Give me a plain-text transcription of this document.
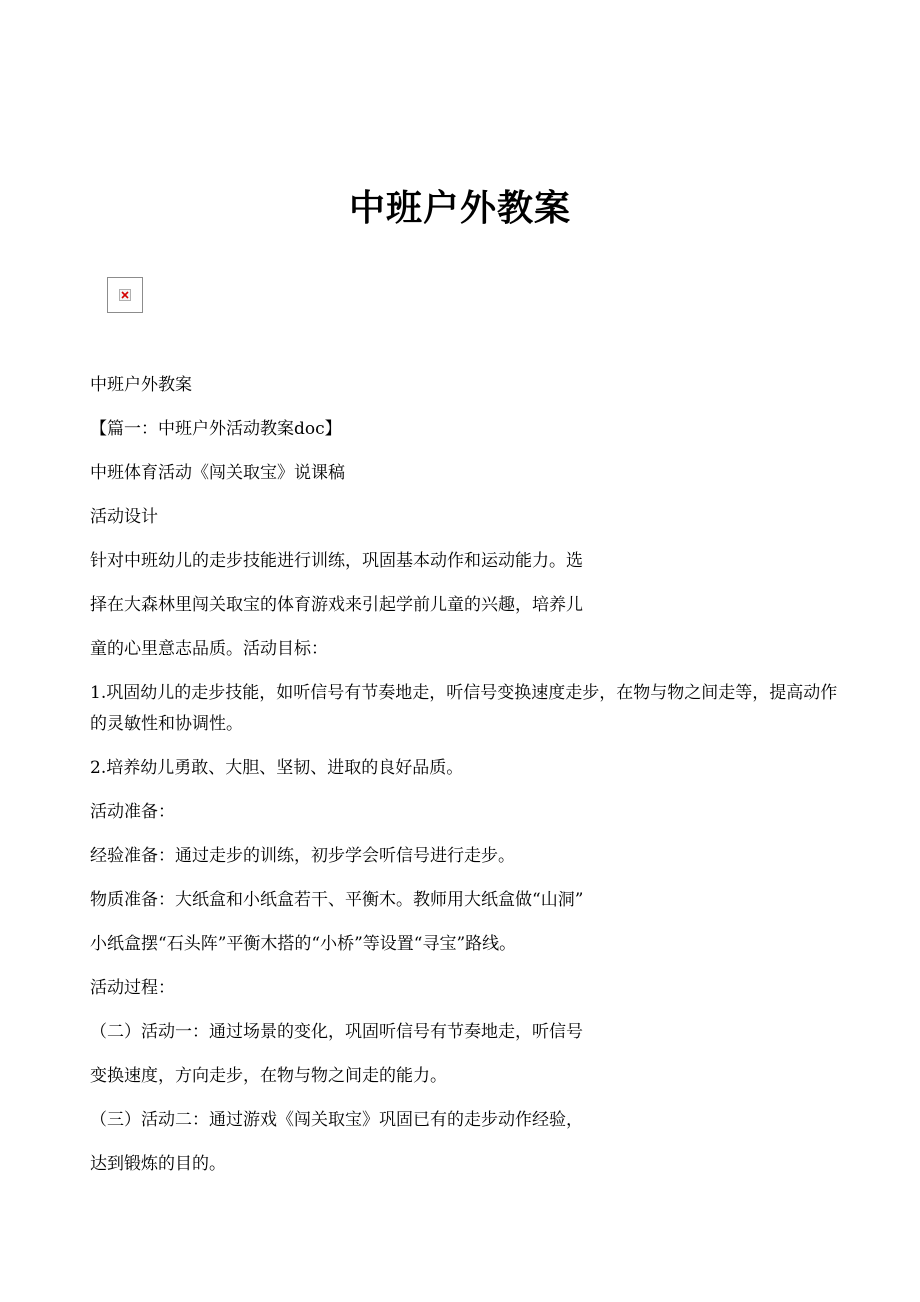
中班户外教案

中班户外教案

【篇一：中班户外活动教案doc】

中班体育活动《闯关取宝》说课稿

活动设计

针对中班幼儿的走步技能进行训练，巩固基本动作和运动能力。选

择在大森林里闯关取宝的体育游戏来引起学前儿童的兴趣，培养儿

童的心里意志品质。活动目标：

1.巩固幼儿的走步技能，如听信号有节奏地走，听信号变换速度走步，在物与物之间走等，提高动作的灵敏性和协调性。

2.培养幼儿勇敢、大胆、坚韧、进取的良好品质。

活动准备：

经验准备：通过走步的训练，初步学会听信号进行走步。

物质准备：大纸盒和小纸盒若干、平衡木。教师用大纸盒做“山洞”

小纸盒摆“石头阵”平衡木搭的“小桥”等设置“寻宝”路线。

活动过程：

（二）活动一：通过场景的变化，巩固听信号有节奏地走，听信号

变换速度，方向走步，在物与物之间走的能力。

（三）活动二：通过游戏《闯关取宝》巩固已有的走步动作经验，

达到锻炼的目的。
